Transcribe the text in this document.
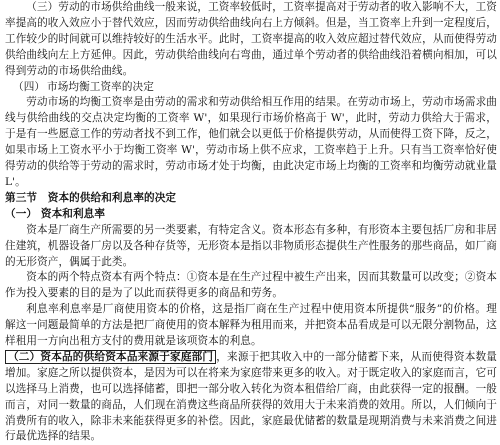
（三）劳动的市场供给曲线一般来说，工资率较低时，工资率提高对于劳动者的收入影响不大，工资率提高的收入效应小于替代效应，因而劳动供给曲线向右上方倾斜。但是，当工资率上升到一定程度后，工作较少的时间就可以维持较好的生活水平。此时，工资率提高的收入效应超过替代效应，从而使得劳动供给曲线向左上方延伸。因此，劳动供给曲线向右弯曲，通过单个劳动者的供给曲线沿着横向相加，可以得到劳动的市场供给曲线。

（四） 市场均衡工资率的决定

劳动市场的均衡工资率是由劳动的需求和劳动供给相互作用的结果。在劳动市场上，劳动市场需求曲线与供给曲线的交点决定均衡的工资率 W'，如果现行市场价格高于 W'，此时，劳动力供给大于需求，于是有一些愿意工作的劳动者找不到工作，他们就会以更低于价格提供劳动，从而使得工资下降，反之，如果市场上工资水平小于均衡工资率 W'，劳动市场上供不应求，工资率趋于上升。只有当工资率恰好使得劳动的供给等于劳动的需求时，劳动市场才处于均衡，由此决定市场上均衡的工资率和均衡劳动就业量 L'。

第三节　资本的供给和利息率的决定

（一） 资本和利息率

资本是厂商生产所需要的另一类要素，有特定含义。资本形态有多种，有形资本主要包括厂房和非居住建筑，机器设备厂房以及各种存货等，无形资本是指以非物质形态提供生产性服务的那些商品，如厂商的无形资产，偶属于此类。

资本的两个特点资本有两个特点：①资本是在生产过程中被生产出来，因而其数量可以改变；②资本作为投入要素的目的是为了以此而获得更多的商品和劳务。

利息率利息率是厂商使用资本的价格，这是指厂商在生产过程中使用资本所提供“服务”的价格。理解这一问题最简单的方法是把厂商使用的资本解释为租用而来，并把资本品看成是可以无限分割物品，这样租用一方向出租方支付的费用就是该项资本的利息。

（二）资本品的供给资本品来源于家庭部门 ，来源于把其收入中的一部分储蓄下来，从而使得资本数量增加。家庭之所以提供资本，是因为可以在将来为家庭带来更多的收入。对于既定收入的家庭而言，它可以选择马上消费，也可以选择储蓄，即把一部分收入转化为资本租借给厂商，由此获得一定的报酬。一般而言，对同一数量的商品，人们现在消费这些商品所获得的效用大于未来消费的效用。所以，人们倾向于消费所有的收入，除非未来能获得更多的补偿。因此，家庭最优储蓄的数量是现期消费与未来消费之间进行最优选择的结果。
